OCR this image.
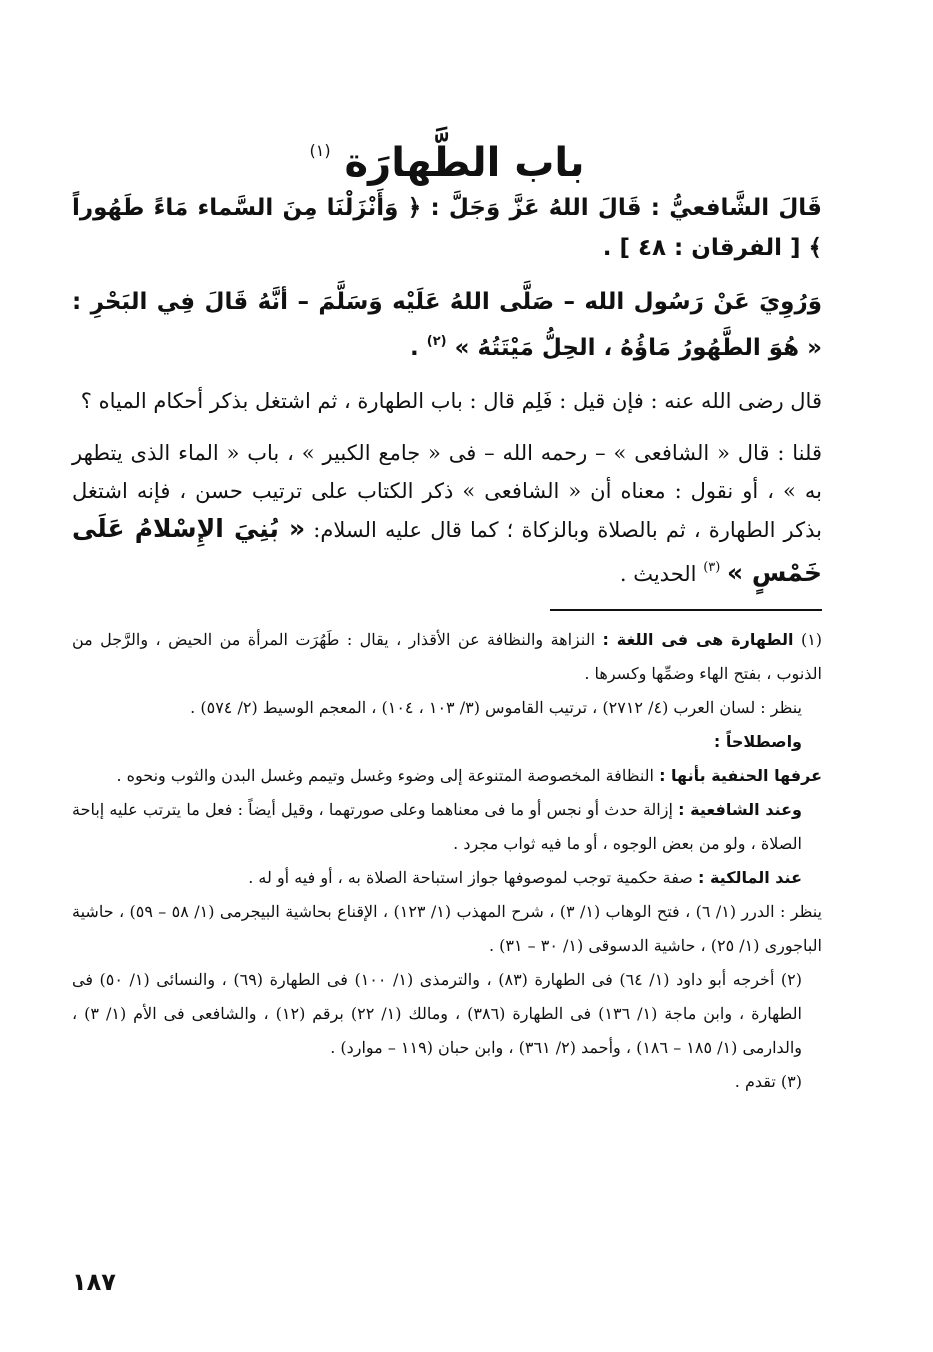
باب الطَّهارَة $^{(١)}$

قَالَ الشَّافعيُّ : قَالَ اللهُ عَزَّ وَجَلَّ : ﴿ وَأَنْزَلْنَا مِنَ السَّماء مَاءً طَهُوراً ﴾ [ الفرقان : ٤٨ ] .

وَرُوِيَ عَنْ رَسُول الله – صَلَّى اللهُ عَلَيْه وَسَلَّمَ – أنَّهُ قَالَ فِي البَحْرِ : « هُوَ الطَّهُورُ مَاؤُهُ ، الحِلُّ مَيْتَتُهُ » $^{(٢)}$ .

قال رضى الله عنه : فإن قيل : فَلِم قال : باب الطهارة ، ثم اشتغل بذكر أحكام المياه ؟

قلنا : قال « الشافعى » – رحمه الله – فى « جامع الكبير » ، باب « الماء الذى يتطهر به » ، أو نقول : معناه أن « الشافعى » ذكر الكتاب على ترتيب حسن ، فإنه اشتغل بذكر الطهارة ، ثم بالصلاة وبالزكاة ؛ كما قال عليه السلام: « بُنِيَ الإِسْلامُ عَلَى خَمْسٍ » $^{(٣)}$ الحديث .

(١) الطهارة هى فى اللغة : النزاهة والنظافة عن الأقذار ، يقال : طَهُرَت المرأة من الحيض ، والرَّجل من الذنوب ، بفتح الهاء وضمِّها وكسرها .

ينظر : لسان العرب (٤/ ٢٧١٢) ، ترتيب القاموس (٣/ ١٠٣ ، ١٠٤) ، المعجم الوسيط (٢/ ٥٧٤) .

واصطلاحاً :

عرفها الحنفية بأنها : النظافة المخصوصة المتنوعة إلى وضوء وغسل وتيمم وغسل البدن والثوب ونحوه .

وعند الشافعية : إزالة حدث أو نجس أو ما فى معناهما وعلى صورتهما ، وقيل أيضاً : فعل ما يترتب عليه إباحة الصلاة ، ولو من بعض الوجوه ، أو ما فيه ثواب مجرد .

عند المالكية : صفة حكمية توجب لموصوفها جواز استباحة الصلاة به ، أو فيه أو له .

ينظر : الدرر (١/ ٦) ، فتح الوهاب (١/ ٣) ، شرح المهذب (١/ ١٢٣) ، الإقناع بحاشية البيجرمى (١/ ٥٨ – ٥٩) ، حاشية الباجورى (١/ ٢٥) ، حاشية الدسوقى (١/ ٣٠ – ٣١) .

(٢) أخرجه أبو داود (١/ ٦٤) فى الطهارة (٨٣) ، والترمذى (١/ ١٠٠) فى الطهارة (٦٩) ، والنسائى (١/ ٥٠) فى الطهارة ، وابن ماجة (١/ ١٣٦) فى الطهارة (٣٨٦) ، ومالك (١/ ٢٢) برقم (١٢) ، والشافعى فى الأم (١/ ٣) ، والدارمى (١/ ١٨٥ – ١٨٦) ، وأحمد (٢/ ٣٦١) ، وابن حبان (١١٩ – موارد) .

(٣) تقدم .

١٨٧
